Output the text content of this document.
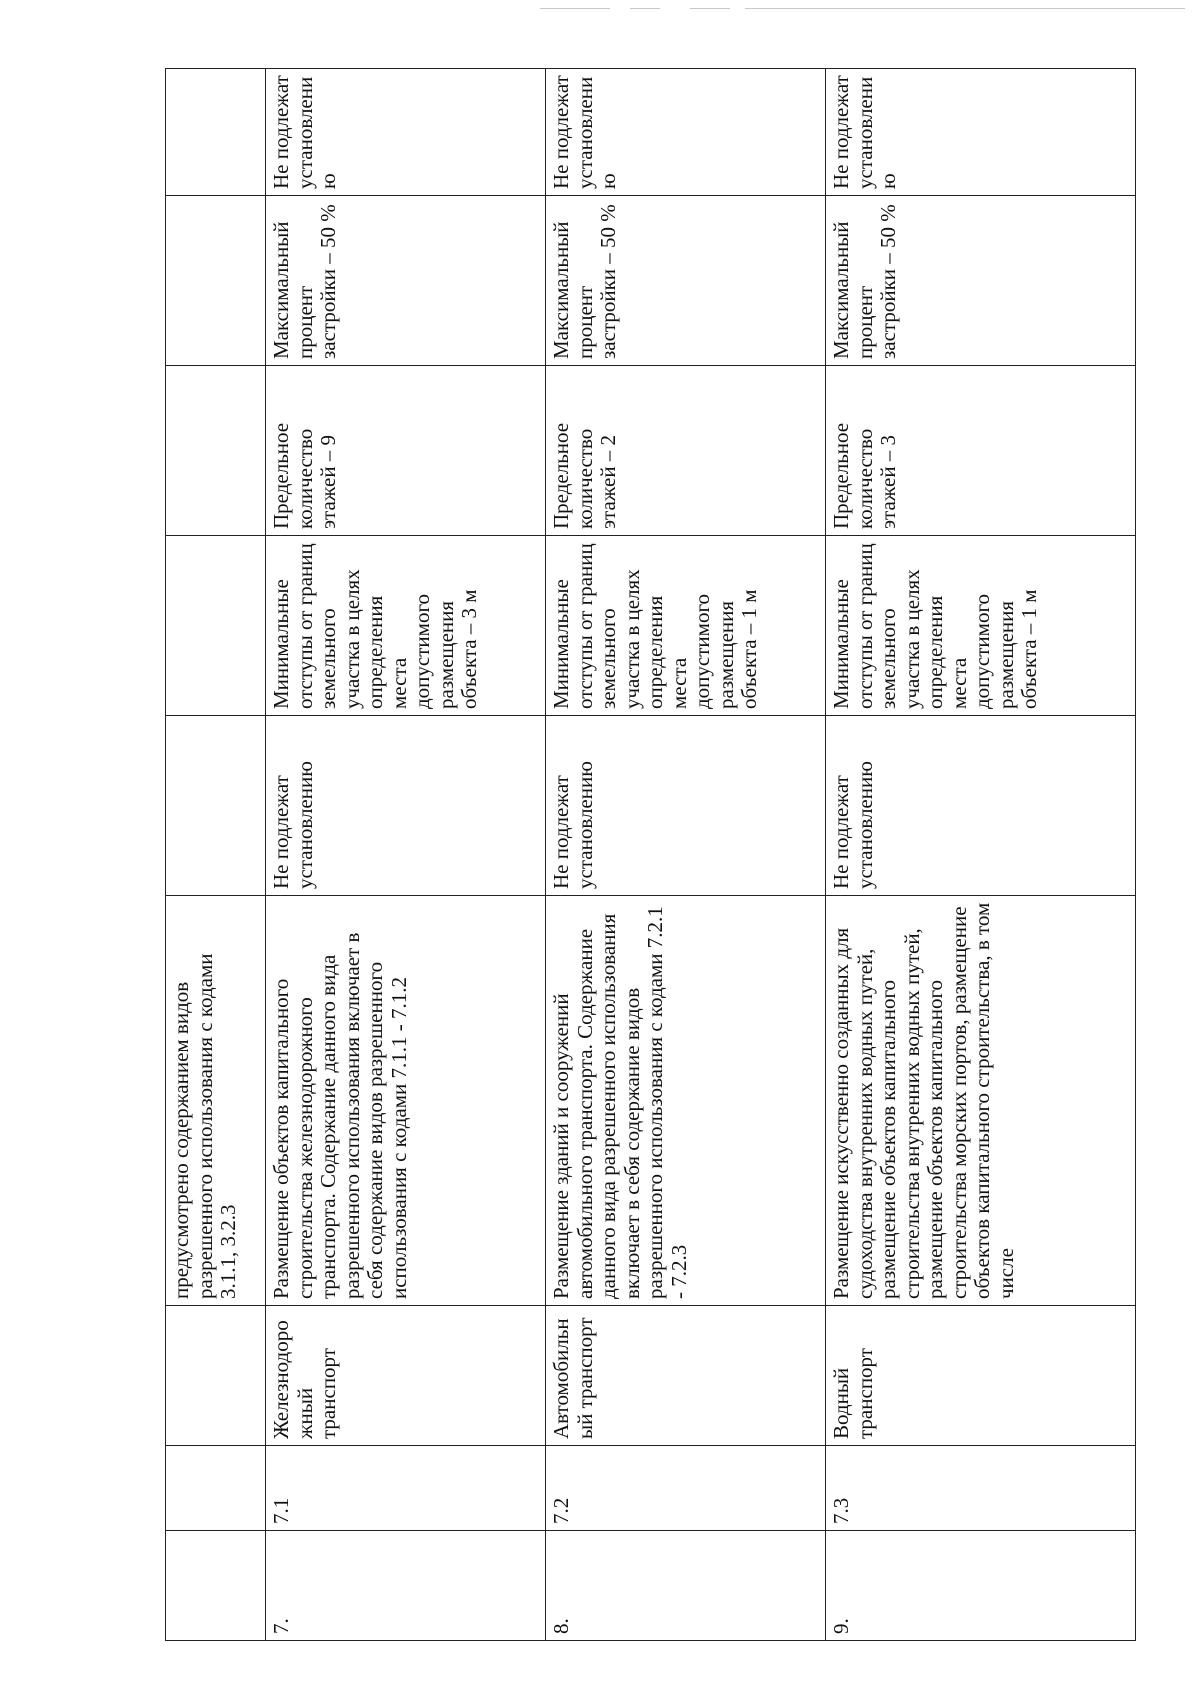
			предусмотрено содержанием видов разрешенного использования с кодами 3.1.1, 3.2.3					
7.	7.1	Железнодоро жный транспорт	Размещение объектов капитального строительства железнодорожного транспорта. Содержание данного вида разрешенного использования включает в себя содержание видов разрешенного использования с кодами 7.1.1 - 7.1.2	Не подлежат установлению	Минимальные отступы от границ земельного участка в целях определения места допустимого размещения объекта – 3 м	Предельное количество этажей – 9	Максимальный процент застройки – 50 %	Не подлежат установлению
8.	7.2	Автомобильн ый транспорт	Размещение зданий и сооружений автомобильного транспорта. Содержание данного вида разрешенного использования включает в себя содержание видов разрешенного использования с кодами 7.2.1 - 7.2.3	Не подлежат установлению	Минимальные отступы от границ земельного участка в целях определения места допустимого размещения объекта – 1 м	Предельное количество этажей – 2	Максимальный процент застройки – 50 %	Не подлежат установлению
9.	7.3	Водный транспорт	Размещение искусственно созданных для судоходства внутренних водных путей, размещение объектов капитального строительства внутренних водных путей, размещение объектов капитального строительства морских портов, размещение объектов капитального строительства, в том числе	Не подлежат установлению	Минимальные отступы от границ земельного участка в целях определения места допустимого размещения объекта – 1 м	Предельное количество этажей – 3	Максимальный процент застройки – 50 %	Не подлежат установлению
